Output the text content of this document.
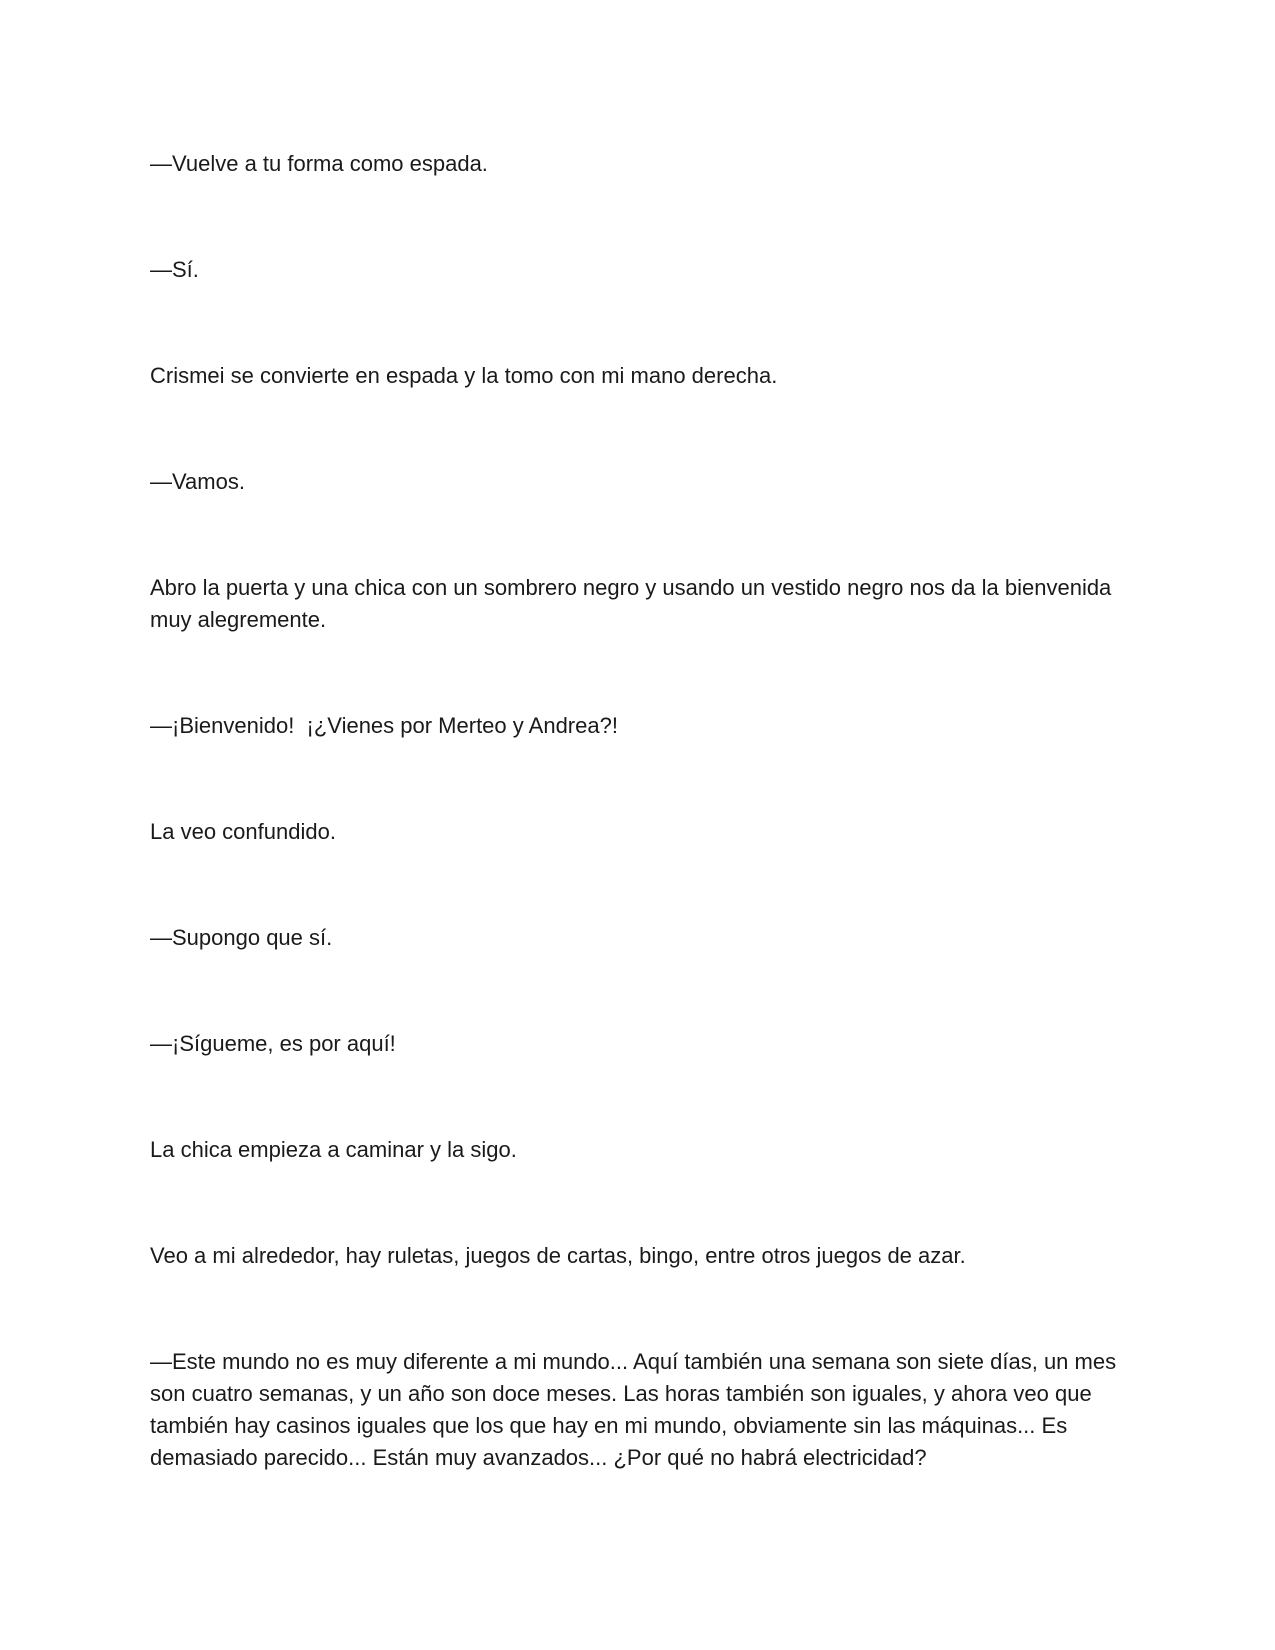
—Vuelve a tu forma como espada.

—Sí.

Crismei se convierte en espada y la tomo con mi mano derecha.

—Vamos.

Abro la puerta y una chica con un sombrero negro y usando un vestido negro nos da la bienvenida muy alegremente.

—¡Bienvenido!  ¡¿Vienes por Merteo y Andrea?!

La veo confundido.

—Supongo que sí.

—¡Sígueme, es por aquí!

La chica empieza a caminar y la sigo.

Veo a mi alrededor, hay ruletas, juegos de cartas, bingo, entre otros juegos de azar.

—Este mundo no es muy diferente a mi mundo... Aquí también una semana son siete días, un mes son cuatro semanas, y un año son doce meses. Las horas también son iguales, y ahora veo que también hay casinos iguales que los que hay en mi mundo, obviamente sin las máquinas... Es demasiado parecido... Están muy avanzados... ¿Por qué no habrá electricidad?
